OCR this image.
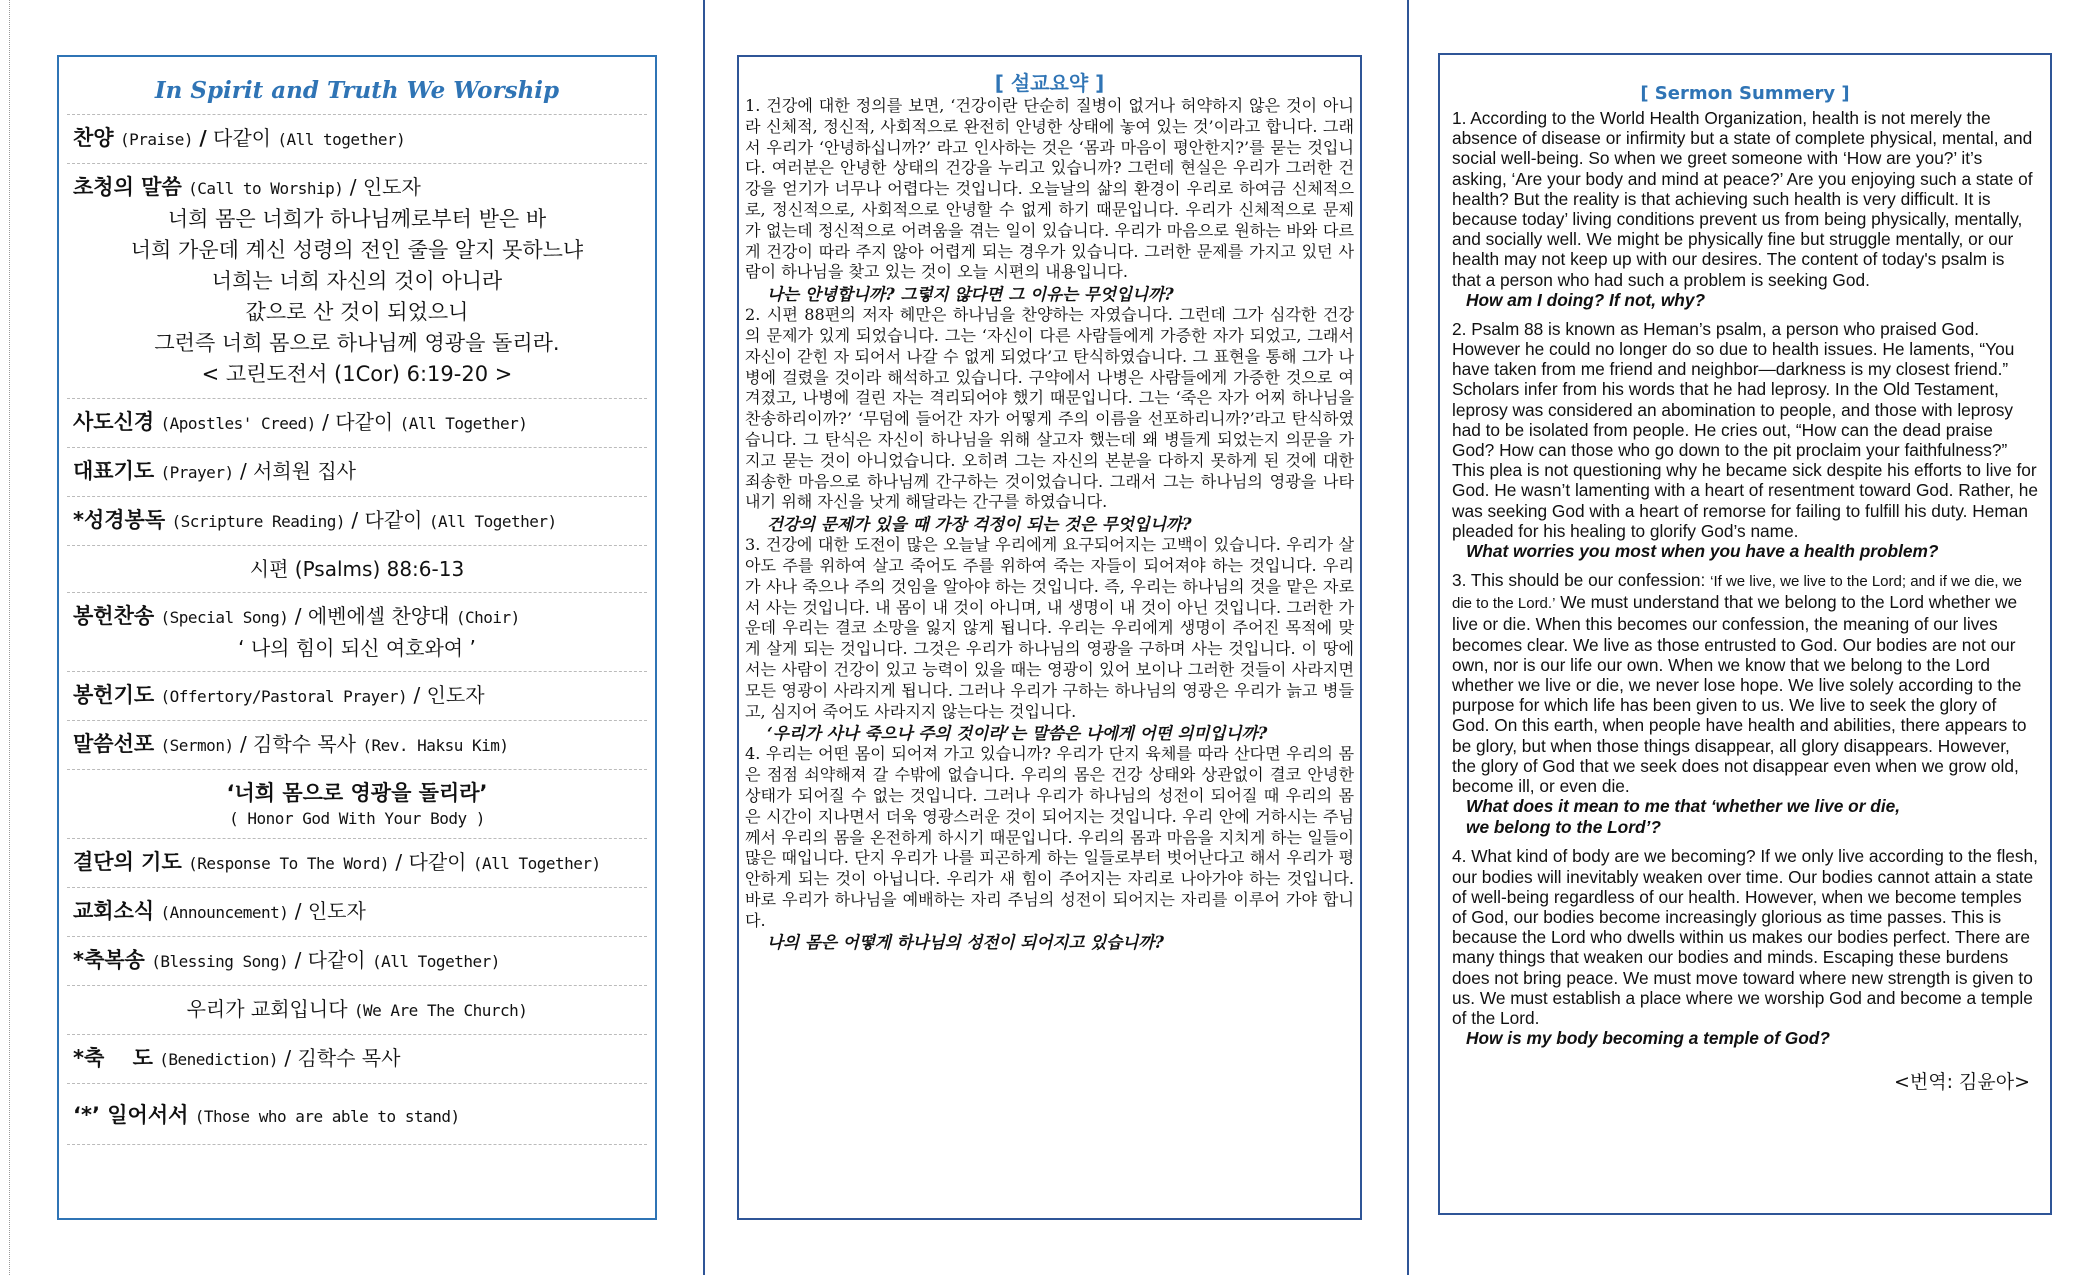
In Spirit and Truth We Worship
찬양 (Praise) / 다같이 (All together)
초청의 말씀 (Call to Worship) / 인도자
너희 몸은 너희가 하나님께로부터 받은 바
너희 가운데 계신 성령의 전인 줄을 알지 못하느냐
너희는 너희 자신의 것이 아니라
값으로 산 것이 되었으니
그런즉 너희 몸으로 하나님께 영광을 돌리라.
< 고린도전서 (1Cor) 6:19-20 >
사도신경 (Apostles' Creed) / 다같이 (All Together)
대표기도 (Prayer) / 서희원 집사
*성경봉독 (Scripture Reading) / 다같이 (All Together)
시편 (Psalms) 88:6-13
봉헌찬송 (Special Song) / 에벤에셀 찬양대 (Choir)
‘ 나의 힘이 되신 여호와여 ’
봉헌기도 (Offertory/Pastoral Prayer) / 인도자
말씀선포 (Sermon) / 김학수 목사 (Rev. Haksu Kim)
‘너희 몸으로 영광을 돌리라’
( Honor God With Your Body )
결단의 기도 (Response To The Word) / 다같이 (All Together)
교회소식 (Announcement) / 인도자
*축복송 (Blessing Song) / 다같이 (All Together)
우리가 교회입니다 (We Are The Church)
*축　 도 (Benediction) / 김학수 목사
‘*’ 일어서서 (Those who are able to stand)
[ 설교요약 ]

1. 건강에 대한 정의를 보면, ‘건강이란 단순히 질병이 없거나 허약하지 않은 것이 아니라 신체적, 정신적, 사회적으로 완전히 안녕한 상태에 놓여 있는 것’이라고 합니다. 그래서 우리가 ‘안녕하십니까?’ 라고 인사하는 것은 ‘몸과 마음이 평안한지?’를 묻는 것입니다. 여러분은 안녕한 상태의 건강을 누리고 있습니까? 그런데 현실은 우리가 그러한 건강을 얻기가 너무나 어렵다는 것입니다. 오늘날의 삶의 환경이 우리로 하여금 신체적으로, 정신적으로, 사회적으로 안녕할 수 없게 하기 때문입니다. 우리가 신체적으로 문제가 없는데 정신적으로 어려움을 겪는 일이 있습니다. 우리가 마음으로 원하는 바와 다르게 건강이 따라 주지 않아 어렵게 되는 경우가 있습니다. 그러한 문제를 가지고 있던 사람이 하나님을 찾고 있는 것이 오늘 시편의 내용입니다.

나는 안녕합니까? 그렇지 않다면 그 이유는 무엇입니까?

2. 시편 88편의 저자 헤만은 하나님을 찬양하는 자였습니다. 그런데 그가 심각한 건강의 문제가 있게 되었습니다. 그는 ‘자신이 다른 사람들에게 가증한 자가 되었고, 그래서 자신이 갇힌 자 되어서 나갈 수 없게 되었다’고 탄식하였습니다. 그 표현을 통해 그가 나병에 걸렸을 것이라 해석하고 있습니다. 구약에서 나병은 사람들에게 가증한 것으로 여겨졌고, 나병에 걸린 자는 격리되어야 했기 때문입니다. 그는 ‘죽은 자가 어찌 하나님을 찬송하리이까?’ ‘무덤에 들어간 자가 어떻게 주의 이름을 선포하리니까?’라고 탄식하였습니다. 그 탄식은 자신이 하나님을 위해 살고자 했는데 왜 병들게 되었는지 의문을 가지고 묻는 것이 아니었습니다. 오히려 그는 자신의 본분을 다하지 못하게 된 것에 대한 죄송한 마음으로 하나님께 간구하는 것이었습니다. 그래서 그는 하나님의 영광을 나타내기 위해 자신을 낫게 해달라는 간구를 하였습니다.

건강의 문제가 있을 때 가장 걱정이 되는 것은 무엇입니까?

3. 건강에 대한 도전이 많은 오늘날 우리에게 요구되어지는 고백이 있습니다. 우리가 살아도 주를 위하여 살고 죽어도 주를 위하여 죽는 자들이 되어져야 하는 것입니다. 우리가 사나 죽으나 주의 것임을 알아야 하는 것입니다. 즉, 우리는 하나님의 것을 맡은 자로서 사는 것입니다. 내 몸이 내 것이 아니며, 내 생명이 내 것이 아닌 것입니다. 그러한 가운데 우리는 결코 소망을 잃지 않게 됩니다. 우리는 우리에게 생명이 주어진 목적에 맞게 살게 되는 것입니다. 그것은 우리가 하나님의 영광을 구하며 사는 것입니다. 이 땅에서는 사람이 건강이 있고 능력이 있을 때는 영광이 있어 보이나 그러한 것들이 사라지면 모든 영광이 사라지게 됩니다. 그러나 우리가 구하는 하나님의 영광은 우리가 늙고 병들고, 심지어 죽어도 사라지지 않는다는 것입니다.

‘우리가 사나 죽으나 주의 것이라’는 말씀은 나에게 어떤 의미입니까?

4. 우리는 어떤 몸이 되어져 가고 있습니까? 우리가 단지 육체를 따라 산다면 우리의 몸은 점점 쇠약해져 갈 수밖에 없습니다. 우리의 몸은 건강 상태와 상관없이 결코 안녕한 상태가 되어질 수 없는 것입니다. 그러나 우리가 하나님의 성전이 되어질 때 우리의 몸은 시간이 지나면서 더욱 영광스러운 것이 되어지는 것입니다. 우리 안에 거하시는 주님께서 우리의 몸을 온전하게 하시기 때문입니다. 우리의 몸과 마음을 지치게 하는 일들이 많은 때입니다. 단지 우리가 나를 피곤하게 하는 일들로부터 벗어난다고 해서 우리가 평안하게 되는 것이 아닙니다. 우리가 새 힘이 주어지는 자리로 나아가야 하는 것입니다. 바로 우리가 하나님을 예배하는 자리 주님의 성전이 되어지는 자리를 이루어 가야 합니다.

나의 몸은 어떻게 하나님의 성전이 되어지고 있습니까?

[ Sermon Summery ]

1. According to the World Health Organization, health is not merely the absence of disease or infirmity but a state of complete physical, mental, and social well-being. So when we greet someone with ‘How are you?’ it’s asking, ‘Are your body and mind at peace?’ Are you enjoying such a state of health? But the reality is that achieving such health is very difficult. It is because today’ living conditions prevent us from being physically, mentally, and socially well. We might be physically fine but struggle mentally, or our health may not keep up with our desires. The content of today's psalm is that a person who had such a problem is seeking God.

How am I doing? If not, why?

2. Psalm 88 is known as Heman’s psalm, a person who praised God. However he could no longer do so due to health issues. He laments, “You have taken from me friend and neighbor—darkness is my closest friend.” Scholars infer from his words that he had leprosy. In the Old Testament, leprosy was considered an abomination to people, and those with leprosy had to be isolated from people. He cries out, “How can the dead praise God? How can those who go down to the pit proclaim your faithfulness?” This plea is not questioning why he became sick despite his efforts to live for God. He wasn’t lamenting with a heart of resentment toward God. Rather, he was seeking God with a heart of remorse for failing to fulfill his duty. Heman pleaded for his healing to glorify God’s name.

What worries you most when you have a health problem?

3. This should be our confession: ‘If we live, we live to the Lord; and if we die, we die to the Lord.’ We must understand that we belong to the Lord whether we live or die. When this becomes our confession, the meaning of our lives becomes clear. We live as those entrusted to God. Our bodies are not our own, nor is our life our own. When we know that we belong to the Lord whether we live or die, we never lose hope. We live solely according to the purpose for which life has been given to us. We live to seek the glory of God. On this earth, when people have health and abilities, there appears to be glory, but when those things disappear, all glory disappears. However, the glory of God that we seek does not disappear even when we grow old, become ill, or even die.

What does it mean to me that ‘whether we live or die,
we belong to the Lord’?

4. What kind of body are we becoming? If we only live according to the flesh, our bodies will inevitably weaken over time. Our bodies cannot attain a state of well-being regardless of our health. However, when we become temples of God, our bodies become increasingly glorious as time passes. This is because the Lord who dwells within us makes our bodies perfect. There are many things that weaken our bodies and minds. Escaping these burdens does not bring peace. We must move toward where new strength is given to us. We must establish a place where we worship God and become a temple of the Lord.

How is my body becoming a temple of God?

<번역: 김윤아>
